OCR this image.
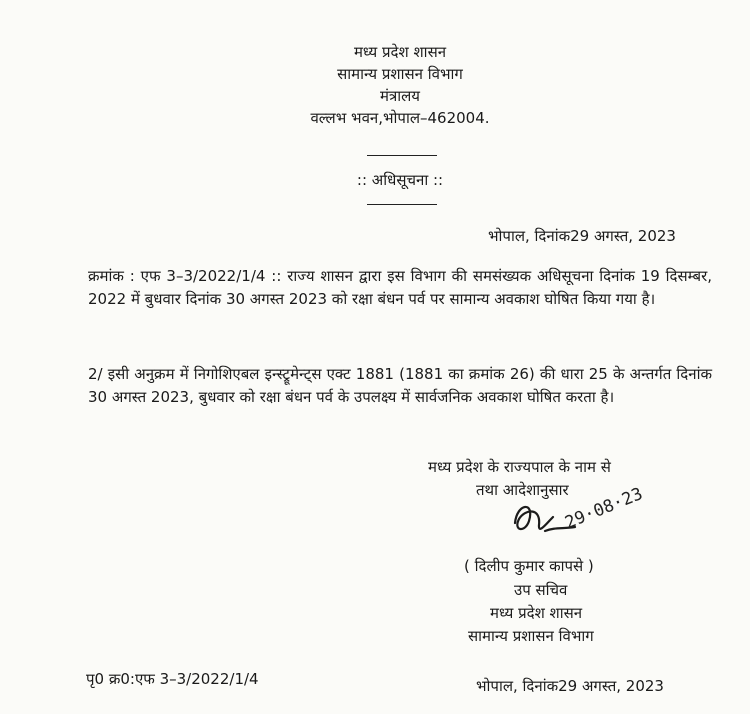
मध्य प्रदेश शासन
सामान्य प्रशासन विभाग
मंत्रालय
वल्लभ भवन,भोपाल–462004.
:: अधिसूचना ::
भोपाल, दिनांक29 अगस्त, 2023
क्रमांक : एफ 3–3/2022/1/4 :: राज्य शासन द्वारा इस विभाग की समसंख्यक अधिसूचना दिनांक 19 दिसम्बर, 2022 में बुधवार दिनांक 30 अगस्त 2023 को रक्षा बंधन पर्व पर सामान्य अवकाश घोषित किया गया है।
2/ इसी अनुक्रम में निगोशिएबल इन्स्ट्रूमेन्ट्स एक्ट 1881 (1881 का क्रमांक 26) की धारा 25 के अन्तर्गत दिनांक 30 अगस्त 2023, बुधवार को रक्षा बंधन पर्व के उपलक्ष्य में सार्वजनिक अवकाश घोषित करता है।
मध्य प्रदेश के राज्यपाल के नाम से
तथा आदेशानुसार
29·08·23
( दिलीप कुमार कापसे )
उप सचिव
मध्य प्रदेश शासन
सामान्य प्रशासन विभाग
पृ0 क्र0:एफ 3–3/2022/1/4	भोपाल, दिनांक29 अगस्त, 2023
